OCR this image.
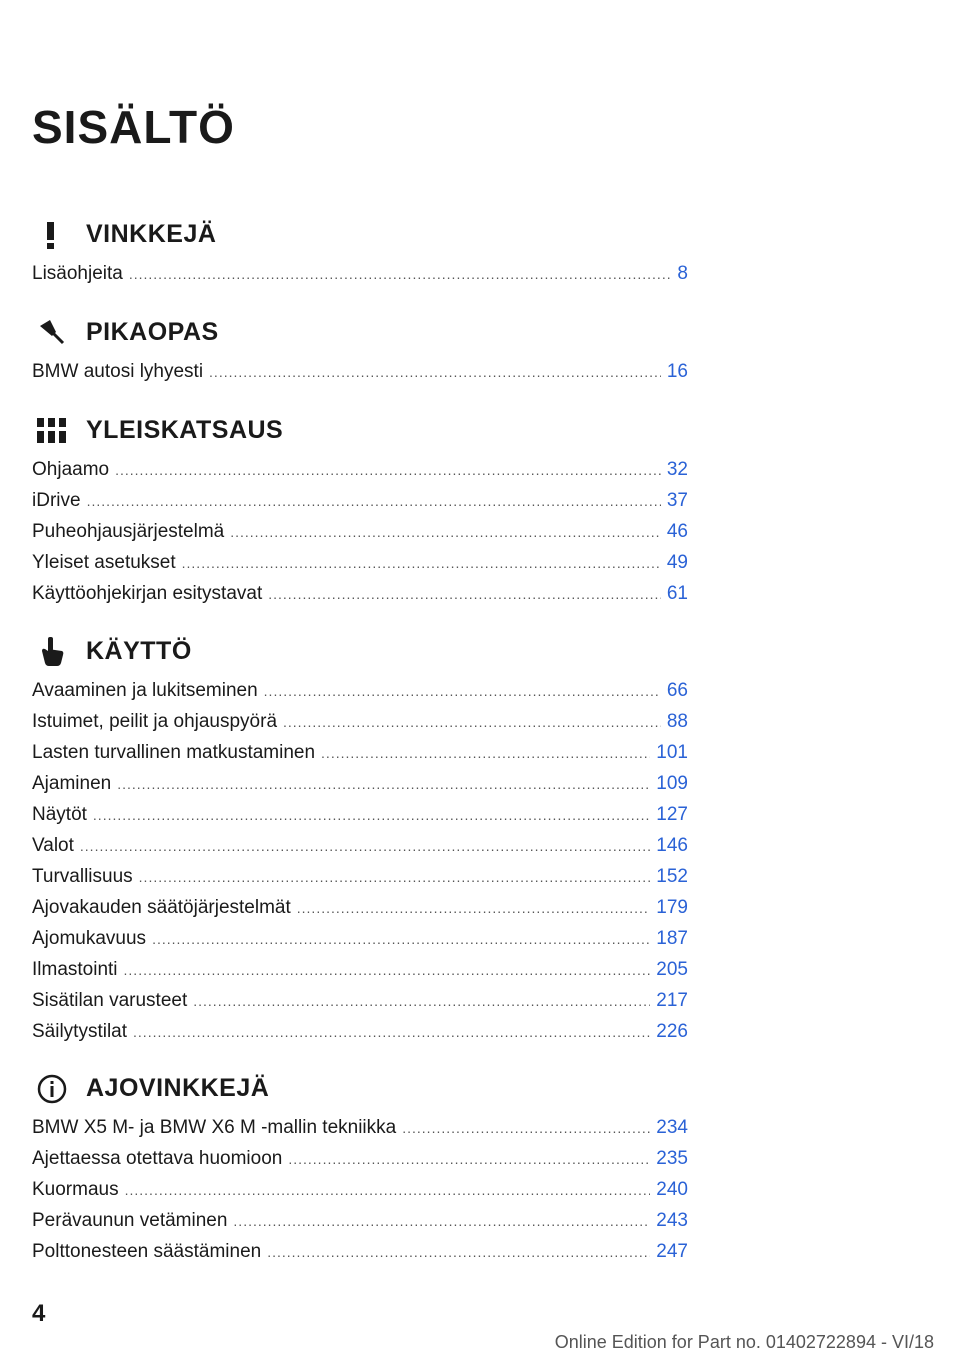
SISÄLTÖ
VINKKEJÄ
Lisäohjeita .....	8
PIKAOPAS
BMW autosi lyhyesti .....	16
YLEISKATSAUS
Ohjaamo .....	32
iDrive .....	37
Puheohjausjärjestelmä .....	46
Yleiset asetukset .....	49
Käyttöohjekirjan esitystavat .....	61
KÄYTTÖ
Avaaminen ja lukitseminen .....	66
Istuimet, peilit ja ohjauspyörä .....	88
Lasten turvallinen matkustaminen .....	101
Ajaminen .....	109
Näytöt .....	127
Valot .....	146
Turvallisuus .....	152
Ajovakauden säätöjärjestelmät .....	179
Ajomukavuus .....	187
Ilmastointi .....	205
Sisätilan varusteet .....	217
Säilytystilat .....	226
AJOVINKKEJÄ
BMW X5 M- ja BMW X6 M -mallin tekniikka .....	234
Ajettaessa otettava huomioon .....	235
Kuormaus .....	240
Perävaunun vetäminen .....	243
Polttonesteen säästäminen .....	247

4

Online Edition for Part no. 01402722894 - VI/18
